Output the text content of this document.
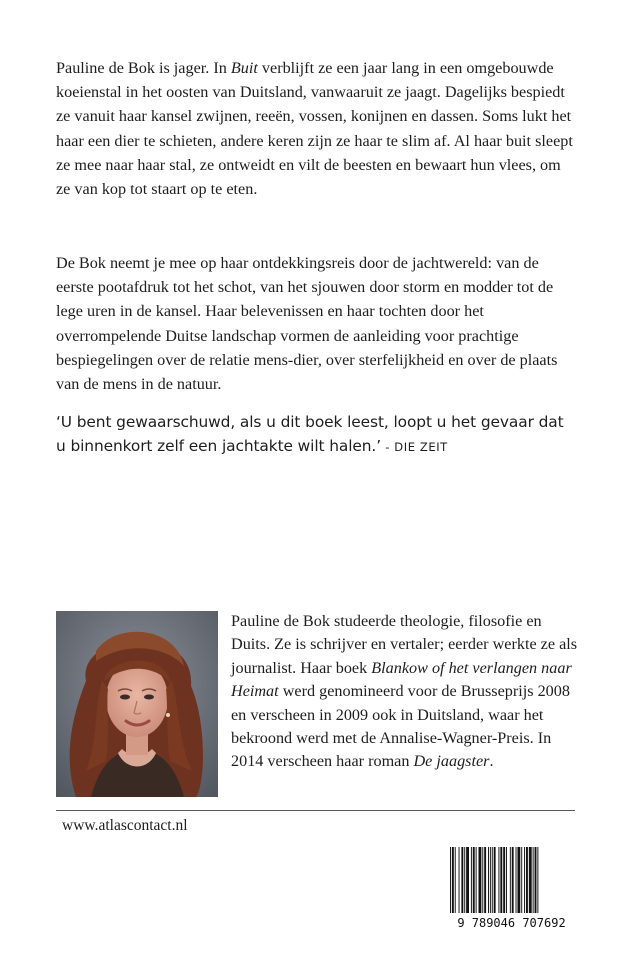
Pauline de Bok is jager. In Buit verblijft ze een jaar lang in een omgebouwde koeienstal in het oosten van Duitsland, vanwaaruit ze jaagt. Dagelijks bespiedt ze vanuit haar kansel zwijnen, reeën, vossen, konijnen en dassen. Soms lukt het haar een dier te schieten, andere keren zijn ze haar te slim af. Al haar buit sleept ze mee naar haar stal, ze ontweidt en vilt de beesten en bewaart hun vlees, om ze van kop tot staart op te eten.

De Bok neemt je mee op haar ontdekkingsreis door de jachtwereld: van de eerste pootafdruk tot het schot, van het sjouwen door storm en modder tot de lege uren in de kansel. Haar belevenissen en haar tochten door het overrompelende Duitse landschap vormen de aanleiding voor prachtige bespiegelingen over de relatie mens-dier, over sterfelijkheid en over de plaats van de mens in de natuur.

‘U bent gewaarschuwd, als u dit boek leest, loopt u het gevaar dat u binnenkort zelf een jachtakte wilt halen.’ - DIE ZEIT

Pauline de Bok studeerde theologie, filosofie en Duits. Ze is schrijver en vertaler; eerder werkte ze als journalist. Haar boek Blankow of het verlangen naar Heimat werd genomineerd voor de Brusseprijs 2008 en verscheen in 2009 ook in Duitsland, waar het bekroond werd met de Annalise-Wagner-Preis. In 2014 verscheen haar roman De jaagster.

www.atlascontact.nl
9 789046 707692
